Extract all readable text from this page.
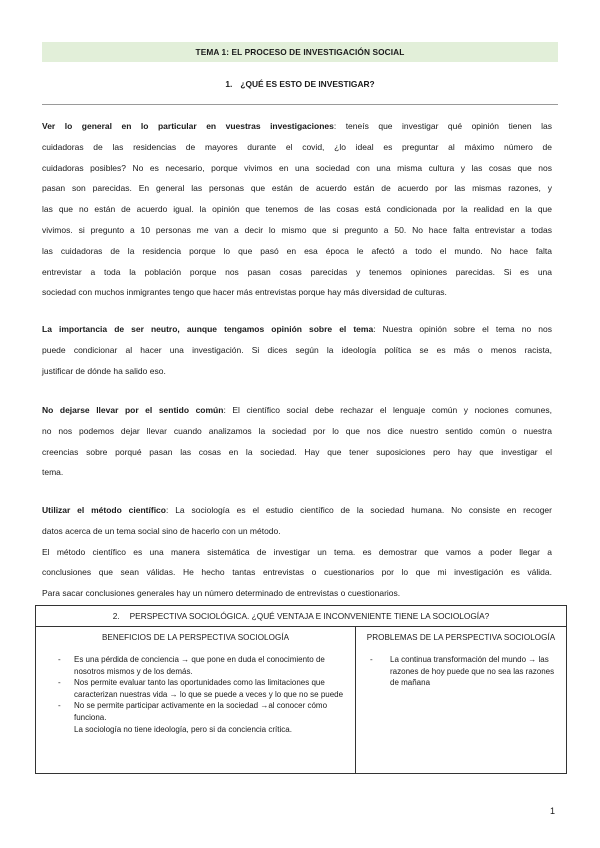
TEMA 1: EL PROCESO DE INVESTIGACIÓN SOCIAL
1. ¿QUÉ ES ESTO DE INVESTIGAR?
Ver lo general en lo particular en vuestras investigaciones: teneís que investigar qué opinión tienen las
cuidadoras de las residencias de mayores durante el covid, ¿lo ideal es preguntar al máximo número de
cuidadoras posibles? No es necesario, porque vivimos en una sociedad con una misma cultura y las cosas que nos
pasan son parecidas. En general las personas que están de acuerdo están de acuerdo por las mismas razones, y
las que no están de acuerdo igual. la opinión que tenemos de las cosas está condicionada por la realidad en la que
vivimos. si pregunto a 10 personas me van a decir lo mismo que si pregunto a 50. No hace falta entrevistar a todas
las cuidadoras de la residencia porque lo que pasó en esa época le afectó a todo el mundo. No hace falta
entrevistar a toda la población porque nos pasan cosas parecidas y tenemos opiniones parecidas. Si es una
sociedad con muchos inmigrantes tengo que hacer más entrevistas porque hay más diversidad de culturas.
La importancia de ser neutro, aunque tengamos opinión sobre el tema: Nuestra opinión sobre el tema no nos
puede condicionar al hacer una investigación. Si dices según la ideología política se es más o menos racista,
justificar de dónde ha salido eso.
No dejarse llevar por el sentido común: El científico social debe rechazar el lenguaje común y nociones comunes,
no nos podemos dejar llevar cuando analizamos la sociedad por lo que nos dice nuestro sentido común o nuestra
creencias sobre porqué pasan las cosas en la sociedad. Hay que tener suposiciones pero hay que investigar el
tema.
Utilizar el método científico: La sociología es el estudio científico de la sociedad humana. No consiste en recoger
datos acerca de un tema social sino de hacerlo con un método.
El método científico es una manera sistemática de investigar un tema. es demostrar que vamos a poder llegar a
conclusiones que sean válidas. He hecho tantas entrevistas o cuestionarios por lo que mi investigación es válida.
Para sacar conclusiones generales hay un número determinado de entrevistas o cuestionarios.
2. PERSPECTIVA SOCIOLÓGICA. ¿QUÉ VENTAJA E INCONVENIENTE TIENE LA SOCIOLOGÍA?
BENEFICIOS DE LA PERSPECTIVA SOCIOLOGÍA
- Es una pérdida de conciencia → que pone en duda el conocimiento de nosotros mismos y de los demás.
- Nos permite evaluar tanto las oportunidades como las limitaciones que caracterizan nuestras vida → lo que se puede a veces y lo que no se puede
- No se permite participar activamente en la sociedad →al conocer cómo funciona.
La sociología no tiene ideología, pero si da conciencia crítica.
PROBLEMAS DE LA PERSPECTIVA SOCIOLOGÍA
- La continua transformación del mundo → las razones de hoy puede que no sea las razones de mañana
1
